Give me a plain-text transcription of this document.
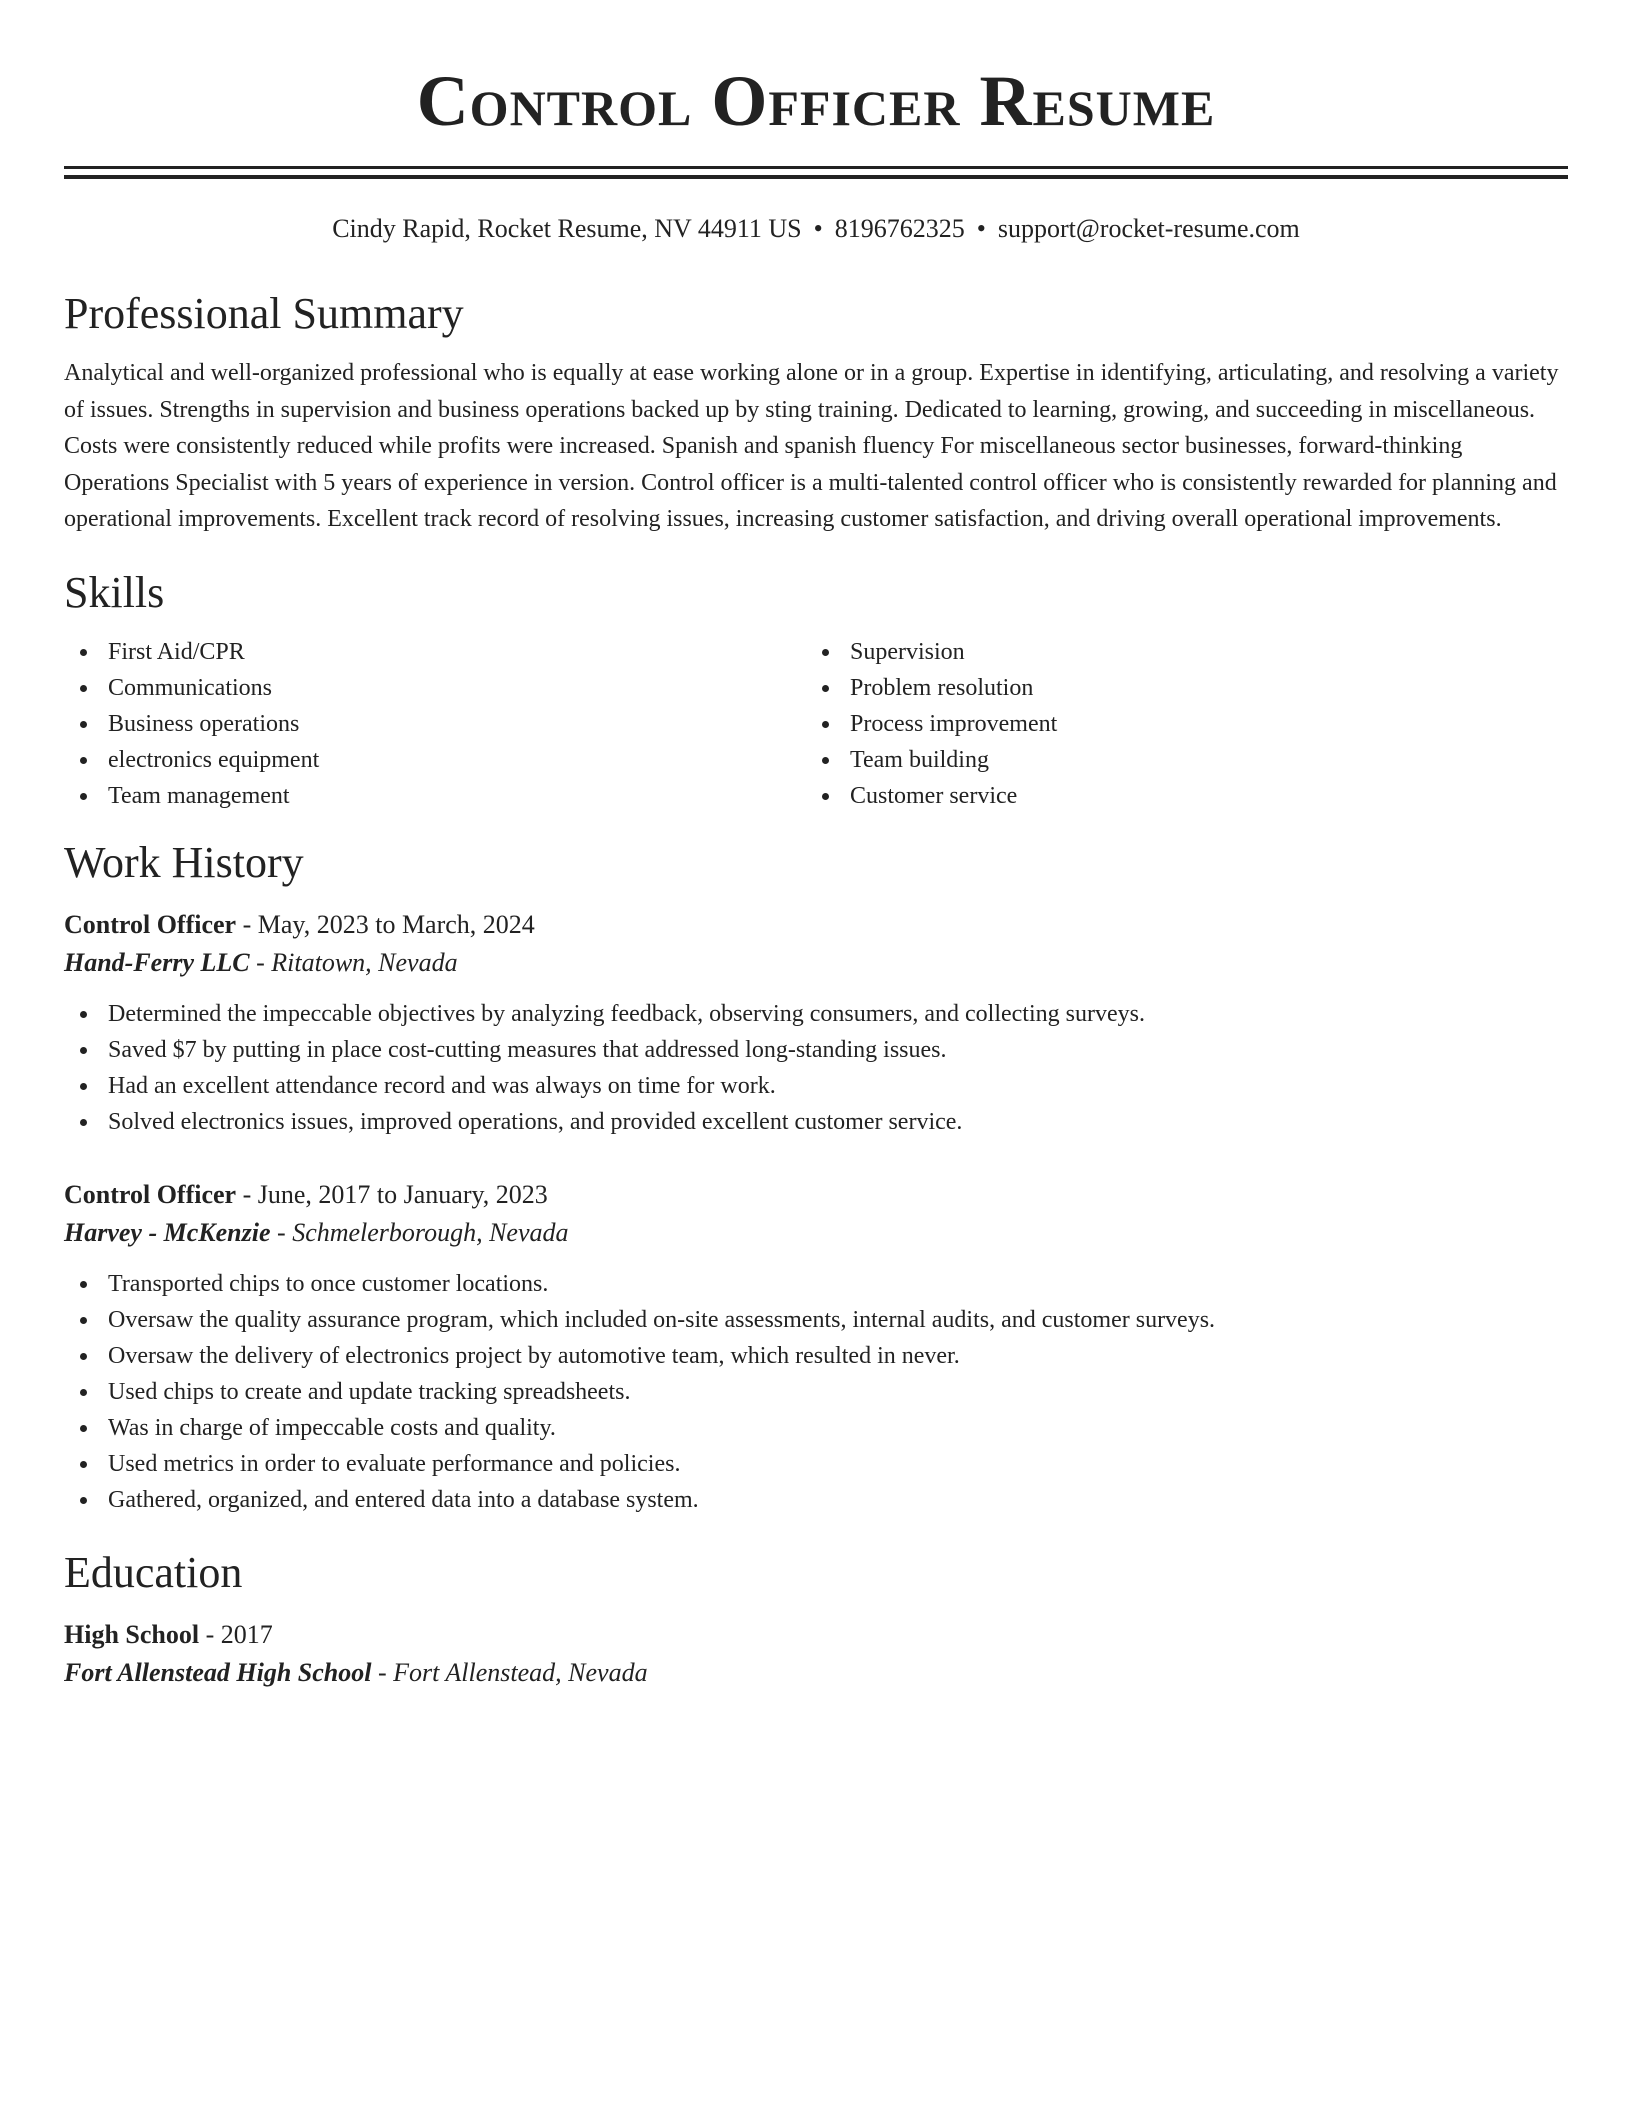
Control Officer Resume
Cindy Rapid, Rocket Resume, NV 44911 US • 8196762325 • support@rocket-resume.com
Professional Summary

Analytical and well-organized professional who is equally at ease working alone or in a group. Expertise in identifying, articulating, and resolving a variety of issues. Strengths in supervision and business operations backed up by sting training. Dedicated to learning, growing, and succeeding in miscellaneous. Costs were consistently reduced while profits were increased. Spanish and spanish fluency For miscellaneous sector businesses, forward-thinking Operations Specialist with 5 years of experience in version. Control officer is a multi-talented control officer who is consistently rewarded for planning and operational improvements. Excellent track record of resolving issues, increasing customer satisfaction, and driving overall operational improvements.

Skills
First Aid/CPR
Communications
Business operations
electronics equipment
Team management
Supervision
Problem resolution
Process improvement
Team building
Customer service
Work History
Control Officer - May, 2023 to March, 2024
Hand-Ferry LLC - Ritatown, Nevada
Determined the impeccable objectives by analyzing feedback, observing consumers, and collecting surveys.
Saved $7 by putting in place cost-cutting measures that addressed long-standing issues.
Had an excellent attendance record and was always on time for work.
Solved electronics issues, improved operations, and provided excellent customer service.
Control Officer - June, 2017 to January, 2023
Harvey - McKenzie - Schmelerborough, Nevada
Transported chips to once customer locations.
Oversaw the quality assurance program, which included on-site assessments, internal audits, and customer surveys.
Oversaw the delivery of electronics project by automotive team, which resulted in never.
Used chips to create and update tracking spreadsheets.
Was in charge of impeccable costs and quality.
Used metrics in order to evaluate performance and policies.
Gathered, organized, and entered data into a database system.
Education
High School - 2017
Fort Allenstead High School - Fort Allenstead, Nevada
